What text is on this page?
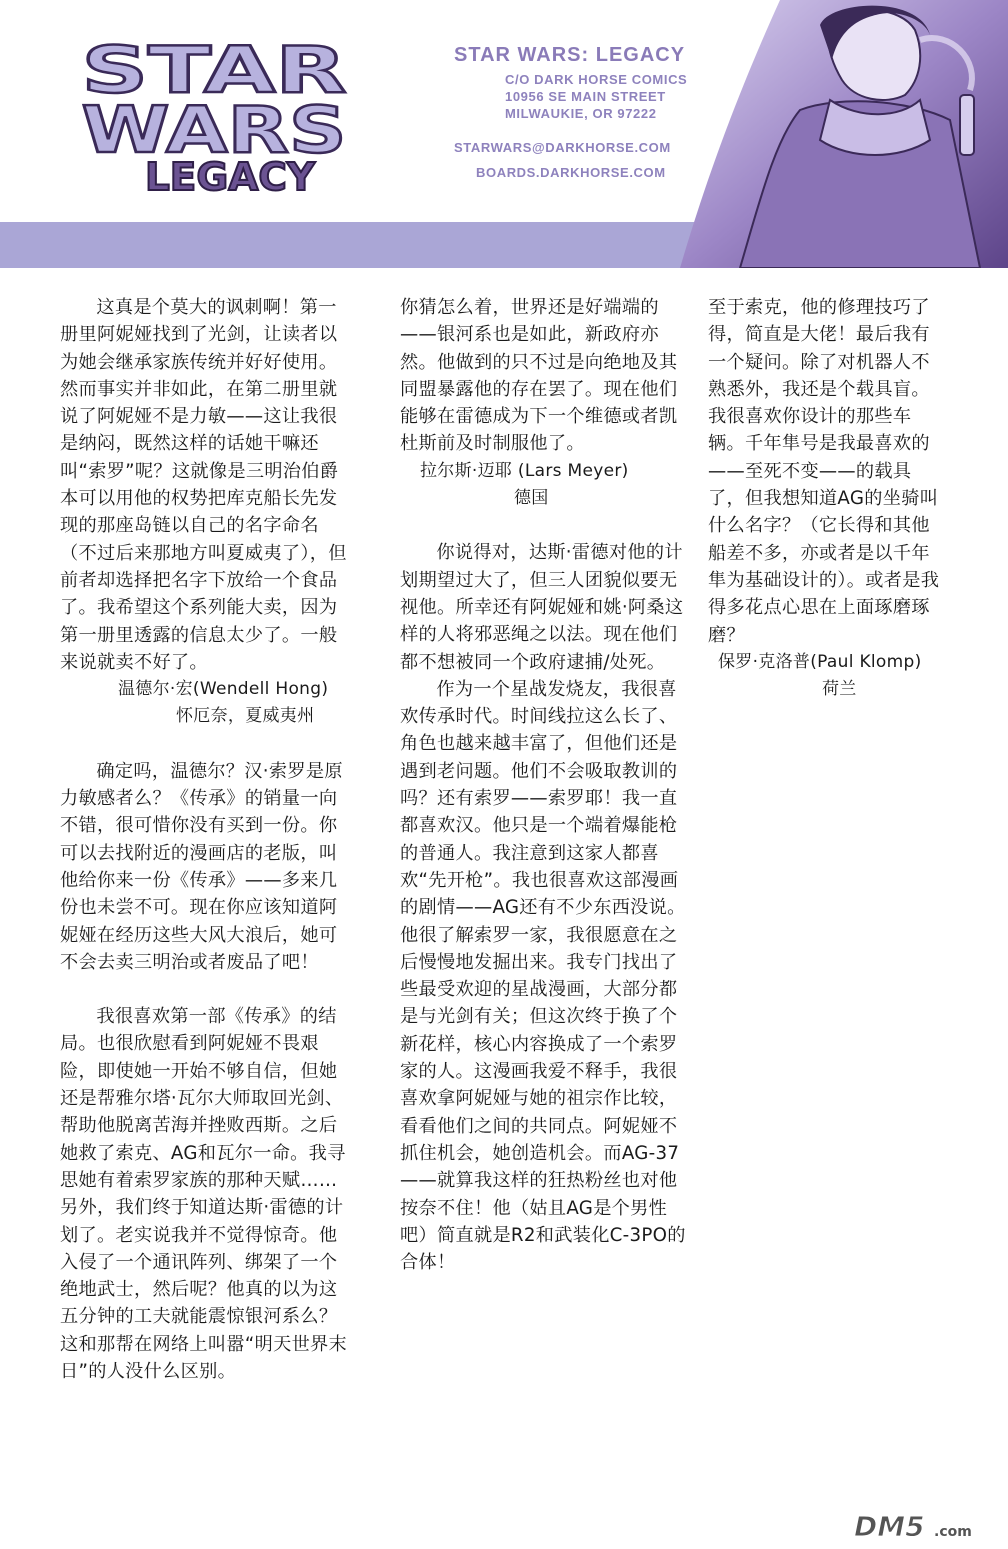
STAR
WARS
LEGACY
STAR WARS: LEGACY
C/O DARK HORSE COMICS
10956 SE MAIN STREET
MILWAUKIE, OR 97222
STARWARS@DARKHORSE.COM
BOARDS.DARKHORSE.COM

这真是个莫大的讽刺啊！第一册里阿妮娅找到了光剑，让读者以为她会继承家族传统并好好使用。然而事实并非如此，在第二册里就说了阿妮娅不是力敏——这让我很是纳闷，既然这样的话她干嘛还叫“索罗”呢？这就像是三明治伯爵本可以用他的权势把库克船长先发现的那座岛链以自己的名字命名（不过后来那地方叫夏威夷了），但前者却选择把名字下放给一个食品了。我希望这个系列能大卖，因为第一册里透露的信息太少了。一般来说就卖不好了。

温德尔·宏(Wendell Hong)

怀厄奈，夏威夷州

确定吗，温德尔？汉·索罗是原力敏感者么？《传承》的销量一向不错，很可惜你没有买到一份。你可以去找附近的漫画店的老版，叫他给你来一份《传承》——多来几份也未尝不可。现在你应该知道阿妮娅在经历这些大风大浪后，她可不会去卖三明治或者废品了吧！

我很喜欢第一部《传承》的结局。也很欣慰看到阿妮娅不畏艰险，即使她一开始不够自信，但她还是帮雅尔塔·瓦尔大师取回光剑、帮助他脱离苦海并挫败西斯。之后她救了索克、AG和瓦尔一命。我寻思她有着索罗家族的那种天赋……另外，我们终于知道达斯·雷德的计划了。老实说我并不觉得惊奇。他入侵了一个通讯阵列、绑架了一个绝地武士，然后呢？他真的以为这五分钟的工夫就能震惊银河系么？这和那帮在网络上叫嚣“明天世界末日”的人没什么区别。

你猜怎么着，世界还是好端端的——银河系也是如此，新政府亦然。他做到的只不过是向绝地及其同盟暴露他的存在罢了。现在他们能够在雷德成为下一个维德或者凯杜斯前及时制服他了。

拉尔斯·迈耶 (Lars Meyer)

德国

你说得对，达斯·雷德对他的计划期望过大了，但三人团貌似要无视他。所幸还有阿妮娅和姚·阿桑这样的人将邪恶绳之以法。现在他们都不想被同一个政府逮捕/处死。

作为一个星战发烧友，我很喜欢传承时代。时间线拉这么长了、角色也越来越丰富了，但他们还是遇到老问题。他们不会吸取教训的吗？还有索罗——索罗耶！我一直都喜欢汉。他只是一个端着爆能枪的普通人。我注意到这家人都喜欢“先开枪”。我也很喜欢这部漫画的剧情——AG还有不少东西没说。他很了解索罗一家，我很愿意在之后慢慢地发掘出来。我专门找出了些最受欢迎的星战漫画，大部分都是与光剑有关；但这次终于换了个新花样，核心内容换成了一个索罗家的人。这漫画我爱不释手，我很喜欢拿阿妮娅与她的祖宗作比较，看看他们之间的共同点。阿妮娅不抓住机会，她创造机会。而AG-37——就算我这样的狂热粉丝也对他按奈不住！他（姑且AG是个男性吧）简直就是R2和武装化C-3PO的合体！

至于索克，他的修理技巧了得，简直是大佬！最后我有一个疑问。除了对机器人不熟悉外，我还是个载具盲。我很喜欢你设计的那些车辆。千年隼号是我最喜欢的——至死不变——的载具了，但我想知道AG的坐骑叫什么名字？（它长得和其他船差不多，亦或者是以千年隼为基础设计的）。或者是我得多花点心思在上面琢磨琢磨？

保罗·克洛普(Paul Klomp)

荷兰

DM5 .com
